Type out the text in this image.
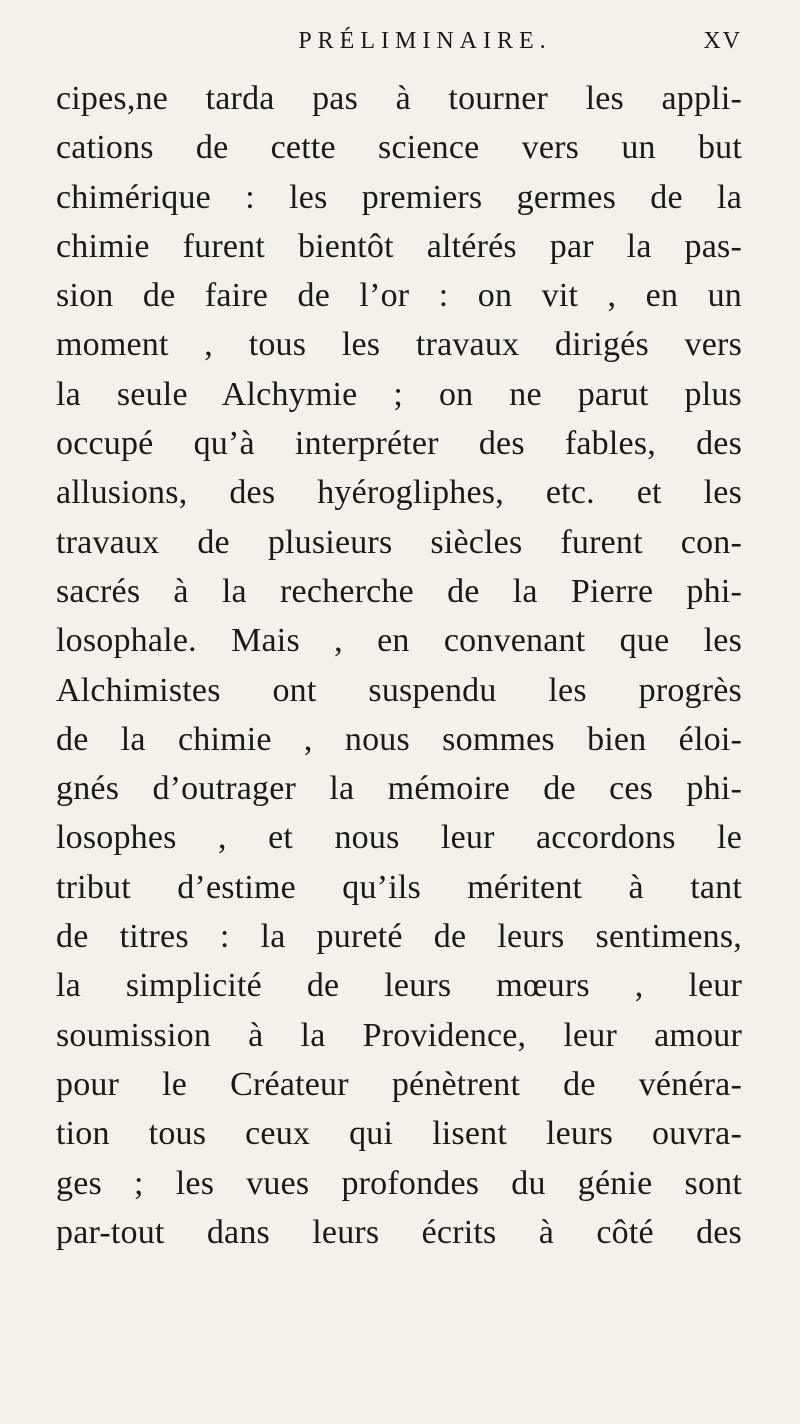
PRÉLIMINAIRE.	XV
cipes,ne tarda pas à tourner les appli-
cations de cette science vers un but
chimérique : les premiers germes de la
chimie furent bientôt altérés par la pas-
sion de faire de l’or : on vit , en un
moment , tous les travaux dirigés vers
la seule Alchymie ; on ne parut plus
occupé qu’à interpréter des fables, des
allusions, des hyérogliphes, etc. et les
travaux de plusieurs siècles furent con-
sacrés à la recherche de la Pierre phi-
losophale. Mais , en convenant que les
Alchimistes ont suspendu les progrès
de la chimie , nous sommes bien éloi-
gnés d’outrager la mémoire de ces phi-
losophes , et nous leur accordons le
tribut d’estime qu’ils méritent à tant
de titres : la pureté de leurs sentimens,
la simplicité de leurs mœurs , leur
soumission à la Providence, leur amour
pour le Créateur pénètrent de vénéra-
tion tous ceux qui lisent leurs ouvra-
ges ; les vues profondes du génie sont
par-tout dans leurs écrits à côté des
